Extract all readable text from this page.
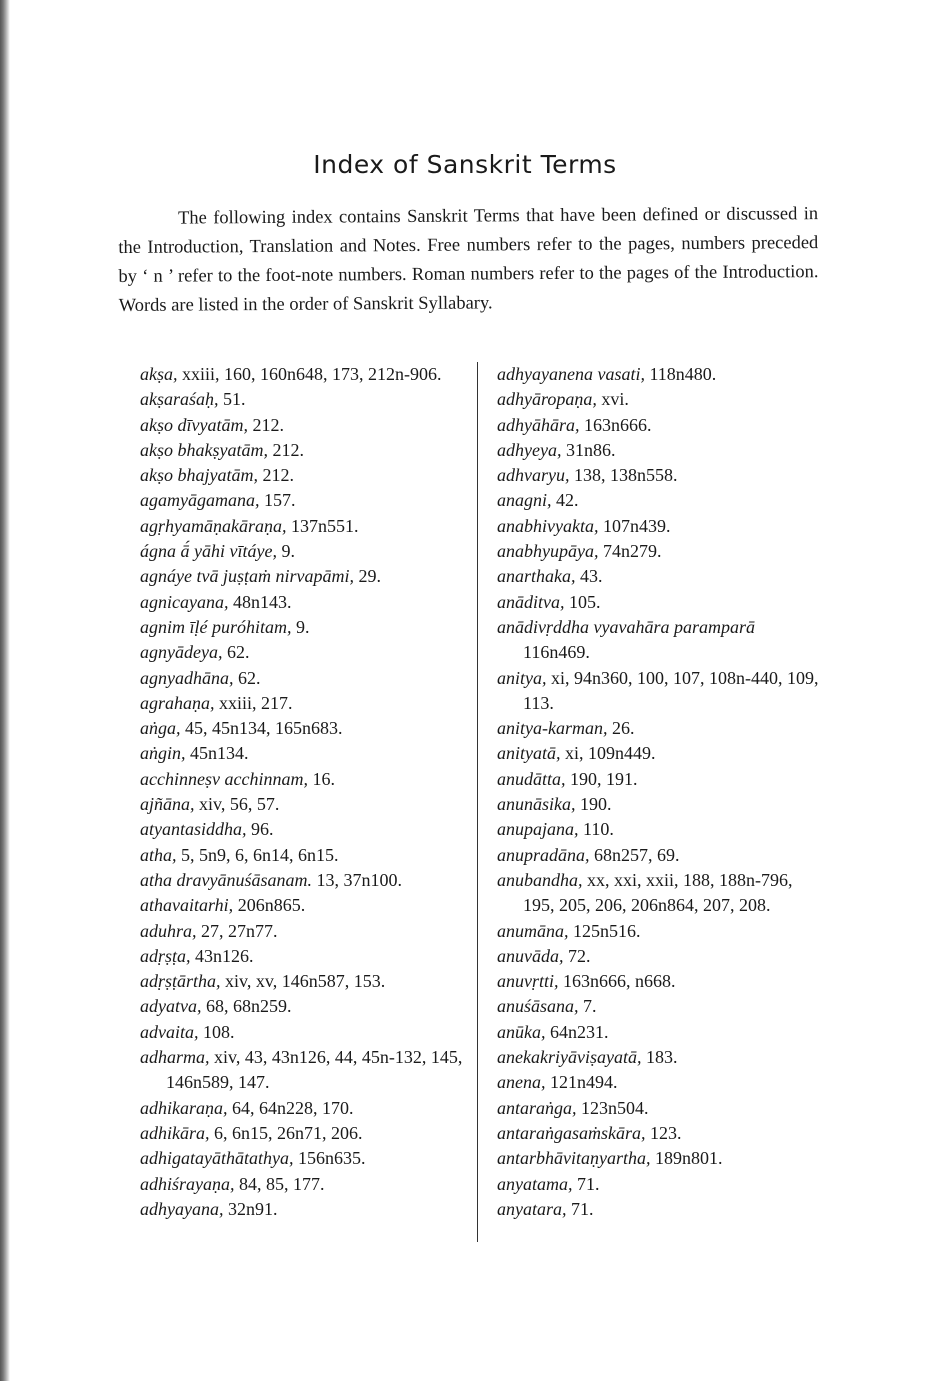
Index of Sanskrit Terms
The following index contains Sanskrit Terms that have been defined or discussed in the Introduction, Translation and Notes. Free numbers refer to the pages, numbers preceded by ‘ n ’ refer to the foot-note numbers. Roman numbers refer to the pages of the Introduction. Words are listed in the order of Sanskrit Syllabary.
akṣa, xxiii, 160, 160n648, 173, 212n-906.
akṣaraśaḥ, 51.
akṣo dīvyatām, 212.
akṣo bhakṣyatām, 212.
akṣo bhajyatām, 212.
agamyāgamana, 157.
agṛhyamāṇakāraṇa, 137n551.
ágna ā́ yāhi vītáye, 9.
agnáye tvā juṣṭaṁ nirvapāmi, 29.
agnicayana, 48n143.
agnim īḷé puróhitam, 9.
agnyādeya, 62.
agnyadhāna, 62.
agrahaṇa, xxiii, 217.
aṅga, 45, 45n134, 165n683.
aṅgin, 45n134.
acchinneṣv acchinnam, 16.
ajñāna, xiv, 56, 57.
atyantasiddha, 96.
atha, 5, 5n9, 6, 6n14, 6n15.
atha dravyānuśāsanam. 13, 37n100.
athavaitarhi, 206n865.
aduhra, 27, 27n77.
adṛṣṭa, 43n126.
adṛṣṭārtha, xiv, xv, 146n587, 153.
adyatva, 68, 68n259.
advaita, 108.
adharma, xiv, 43, 43n126, 44, 45n-132, 145, 146n589, 147.
adhikaraṇa, 64, 64n228, 170.
adhikāra, 6, 6n15, 26n71, 206.
adhigatayāthātathya, 156n635.
adhiśrayaṇa, 84, 85, 177.
adhyayana, 32n91.
adhyayanena vasati, 118n480.
adhyāropaṇa, xvi.
adhyāhāra, 163n666.
adhyeya, 31n86.
adhvaryu, 138, 138n558.
anagni, 42.
anabhivyakta, 107n439.
anabhyupāya, 74n279.
anarthaka, 43.
anāditva, 105.
anādivṛddha vyavahāra paramparā 116n469.
anitya, xi, 94n360, 100, 107, 108n-440, 109, 113.
anitya-karman, 26.
anityatā, xi, 109n449.
anudātta, 190, 191.
anunāsika, 190.
anupajana, 110.
anupradāna, 68n257, 69.
anubandha, xx, xxi, xxii, 188, 188n-796, 195, 205, 206, 206n864, 207, 208.
anumāna, 125n516.
anuvāda, 72.
anuvṛtti, 163n666, n668.
anuśāsana, 7.
anūka, 64n231.
anekakriyāviṣayatā, 183.
anena, 121n494.
antaraṅga, 123n504.
antaraṅgasaṁskāra, 123.
antarbhāvitaṇyartha, 189n801.
anyatama, 71.
anyatara, 71.
